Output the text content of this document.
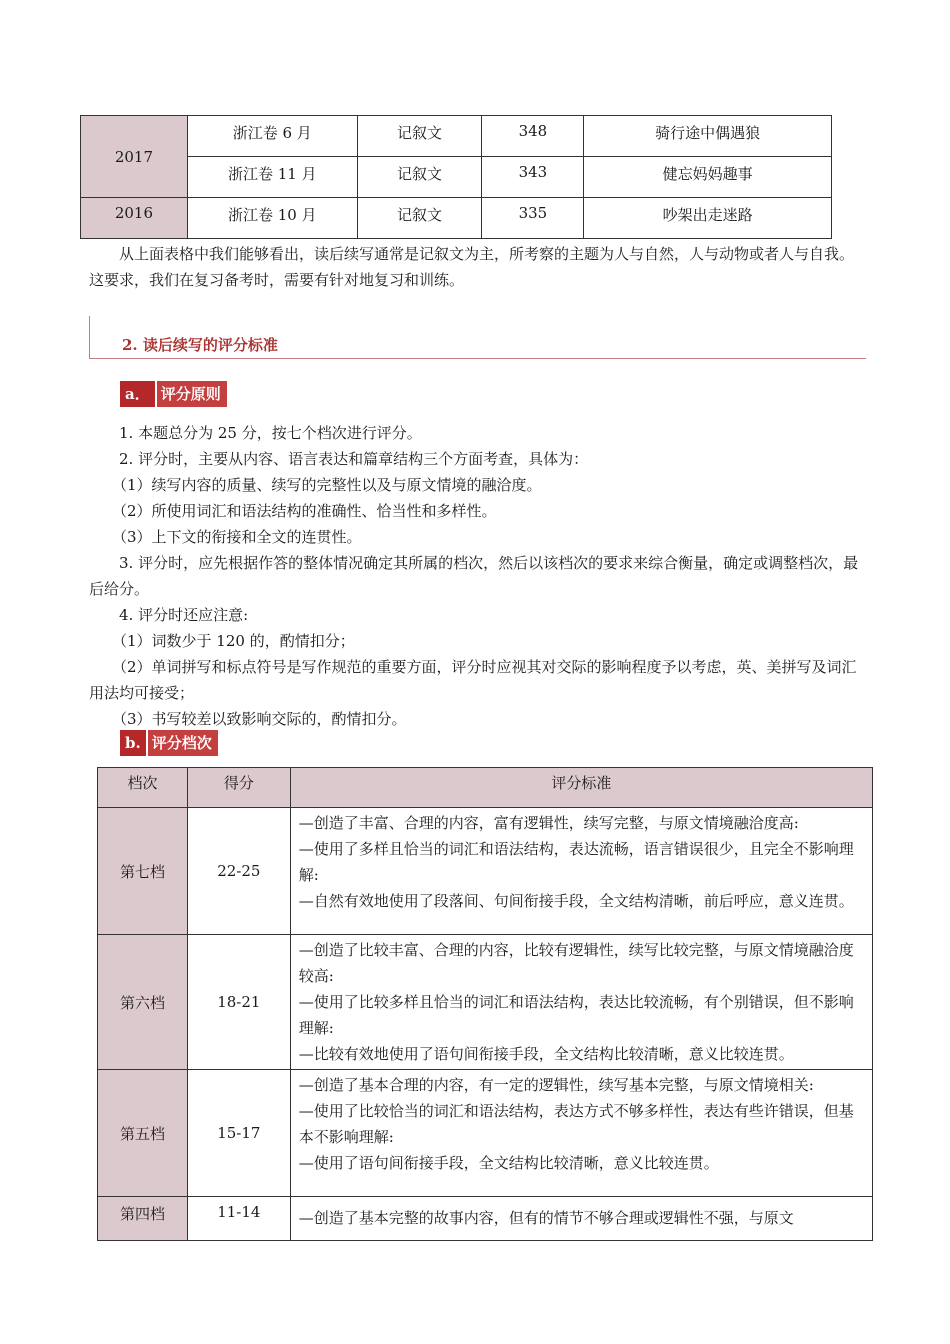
2017	浙江卷 6 月	记叙文	348	骑行途中偶遇狼
	浙江卷 11 月	记叙文	343	健忘妈妈趣事
2016	浙江卷 10 月	记叙文	335	吵架出走迷路

从上面表格中我们能够看出，读后续写通常是记叙文为主，所考察的主题为人与自然，人与动物或者人与自我。这要求，我们在复习备考时，需要有针对地复习和训练。

2. 读后续写的评分标准
a． 评分原则

1. 本题总分为 25 分，按七个档次进行评分。

2. 评分时，主要从内容、语言表达和篇章结构三个方面考查，具体为：

（1）续写内容的质量、续写的完整性以及与原文情境的融洽度。

（2）所使用词汇和语法结构的准确性、恰当性和多样性。

（3）上下文的衔接和全文的连贯性。

3. 评分时，应先根据作答的整体情况确定其所属的档次，然后以该档次的要求来综合衡量，确定或调整档次，最后给分。

4. 评分时还应注意:

（1）词数少于 120 的，酌情扣分；

（2）单词拼写和标点符号是写作规范的重要方面，评分时应视其对交际的影响程度予以考虑，英、美拼写及词汇用法均可接受；

（3）书写较差以致影响交际的，酌情扣分。

b. 评分档次
档次	得分	评分标准
第七档	22-25	—创造了丰富、合理的内容，富有逻辑性，续写完整，与原文情境融洽度高:

—使用了多样且恰当的词汇和语法结构，表达流畅，语言错误很少，且完全不影响理解:

—自然有效地使用了段落间、句间衔接手段，全文结构清晰，前后呼应，意义连贯。

第六档	18-21	—创造了比较丰富、合理的内容，比较有逻辑性，续写比较完整，与原文情境融洽度较高:

—使用了比较多样且恰当的词汇和语法结构，表达比较流畅，有个别错误，但不影响理解:

—比较有效地使用了语句间衔接手段，全文结构比较清晰，意义比较连贯。

第五档	15-17	—创造了基本合理的内容，有一定的逻辑性，续写基本完整，与原文情境相关:

—使用了比较恰当的词汇和语法结构，表达方式不够多样性，表达有些许错误，但基本不影响理解:

—使用了语句间衔接手段，全文结构比较清晰，意义比较连贯。

第四档	11-14	—创造了基本完整的故事内容，但有的情节不够合理或逻辑性不强，与原文
